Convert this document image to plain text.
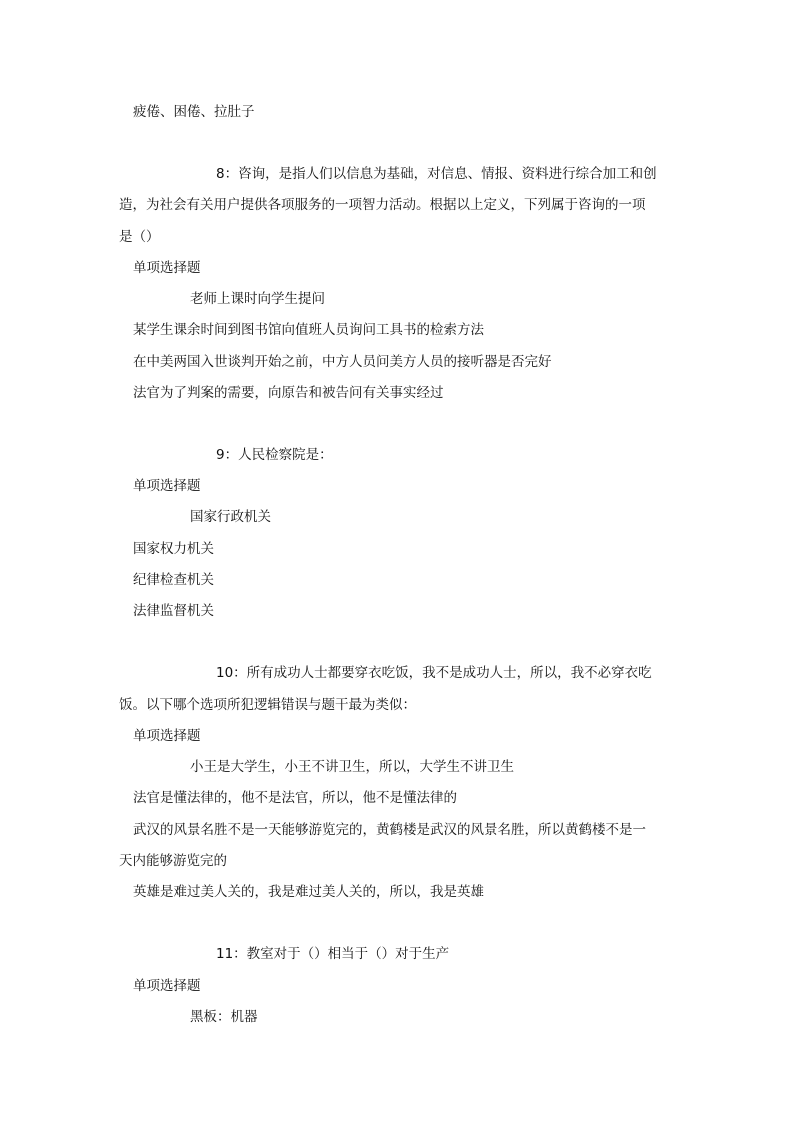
疲倦、困倦、拉肚子
8：咨询，是指人们以信息为基础，对信息、情报、资料进行综合加工和创
造，为社会有关用户提供各项服务的一项智力活动。根据以上定义，下列属于咨询的一项
是（）
单项选择题
老师上课时向学生提问
某学生课余时间到图书馆向值班人员询问工具书的检索方法
在中美两国入世谈判开始之前，中方人员问美方人员的接听器是否完好
法官为了判案的需要，向原告和被告问有关事实经过
9：人民检察院是：
单项选择题
国家行政机关
国家权力机关
纪律检查机关
法律监督机关
10：所有成功人士都要穿衣吃饭，我不是成功人士，所以，我不必穿衣吃
饭。以下哪个选项所犯逻辑错误与题干最为类似：
单项选择题
小王是大学生，小王不讲卫生，所以，大学生不讲卫生
法官是懂法律的，他不是法官，所以，他不是懂法律的
武汉的风景名胜不是一天能够游览完的，黄鹤楼是武汉的风景名胜，所以黄鹤楼不是一
天内能够游览完的
英雄是难过美人关的，我是难过美人关的，所以，我是英雄
11：教室对于（）相当于（）对于生产
单项选择题
黑板：机器
